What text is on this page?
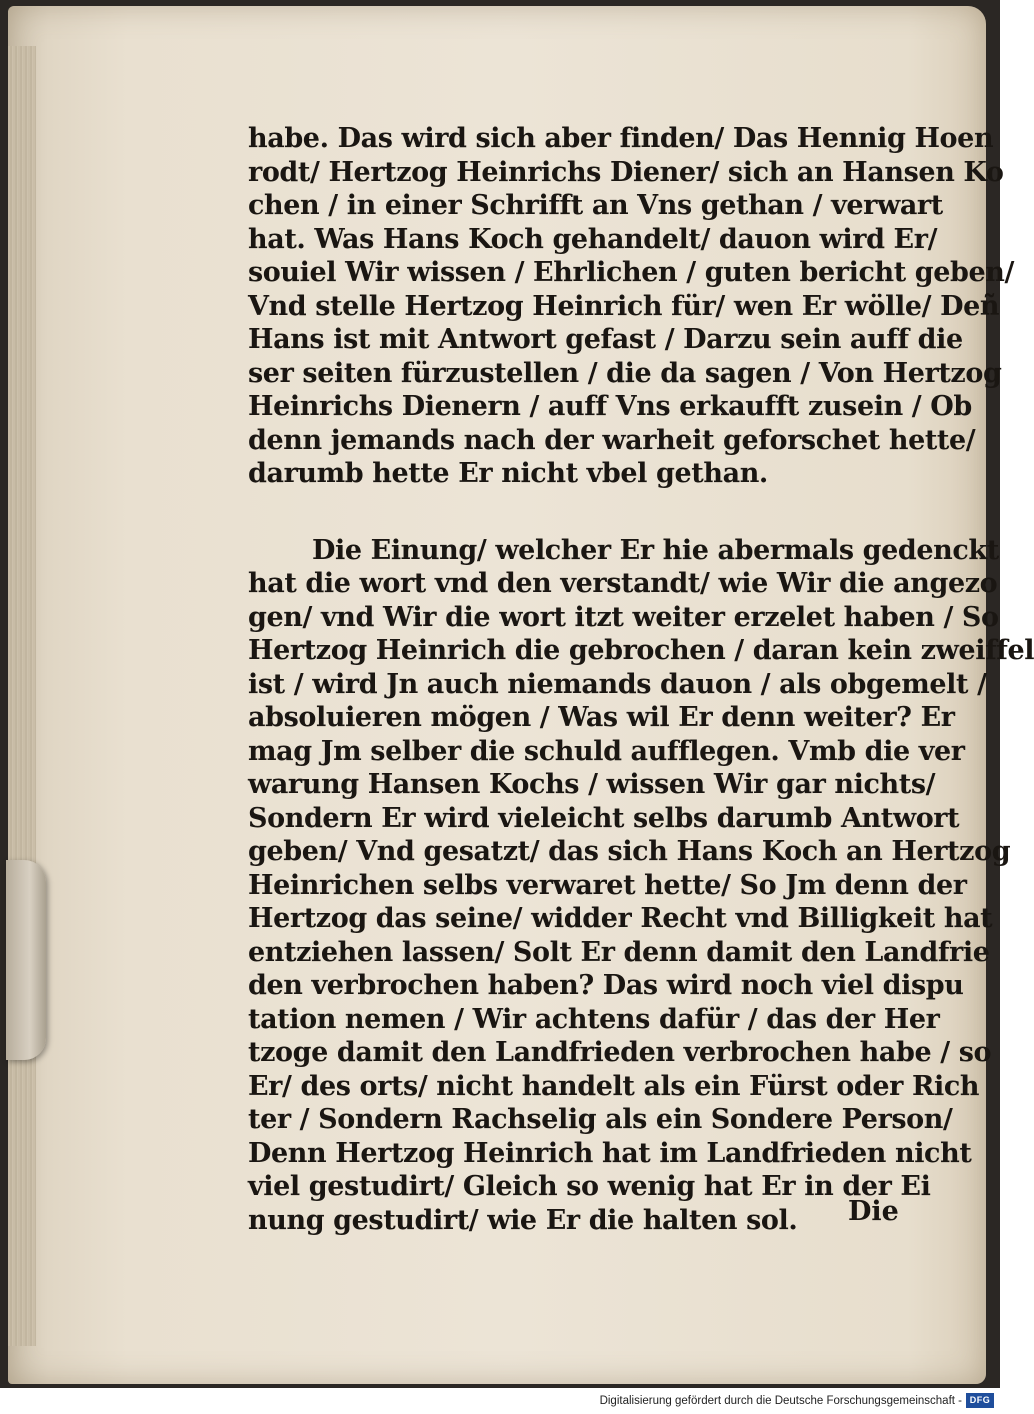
habe. Das wird sich aber finden/ Das Hennig Hoen
rodt/ Hertzog Heinrichs Diener/ sich an Hansen Ko
chen / in einer Schrifft an Vns gethan / verwart
hat. Was Hans Koch gehandelt/ dauon wird Er/
souiel Wir wissen / Ehrlichen / guten bericht geben/
Vnd stelle Hertzog Heinrich für/ wen Er wölle/ Deñ
Hans ist mit Antwort gefast / Darzu sein auff die
ser seiten fürzustellen / die da sagen / Von Hertzog
Heinrichs Dienern / auff Vns erkaufft zusein / Ob
denn jemands nach der warheit geforschet hette/
darumb hette Er nicht vbel gethan.
Die Einung/ welcher Er hie abermals gedenckt
hat die wort vnd den verstandt/ wie Wir die angezo
gen/ vnd Wir die wort itzt weiter erzelet haben / So
Hertzog Heinrich die gebrochen / daran kein zweiffel
ist / wird Jn auch niemands dauon / als obgemelt /
absoluieren mögen / Was wil Er denn weiter? Er
mag Jm selber die schuld aufflegen. Vmb die ver
warung Hansen Kochs / wissen Wir gar nichts/
Sondern Er wird vieleicht selbs darumb Antwort
geben/ Vnd gesatzt/ das sich Hans Koch an Hertzog
Heinrichen selbs verwaret hette/ So Jm denn der
Hertzog das seine/ widder Recht vnd Billigkeit hat
entziehen lassen/ Solt Er denn damit den Landfrie
den verbrochen haben? Das wird noch viel dispu
tation nemen / Wir achtens dafür / das der Her
tzoge damit den Landfrieden verbrochen habe / so
Er/ des orts/ nicht handelt als ein Fürst oder Rich
ter / Sondern Rachselig als ein Sondere Person/
Denn Hertzog Heinrich hat im Landfrieden nicht
viel gestudirt/ Gleich so wenig hat Er in der Ei
nung gestudirt/ wie Er die halten sol.	Die
Digitalisierung gefördert durch die Deutsche Forschungsgemeinschaft - DFG
